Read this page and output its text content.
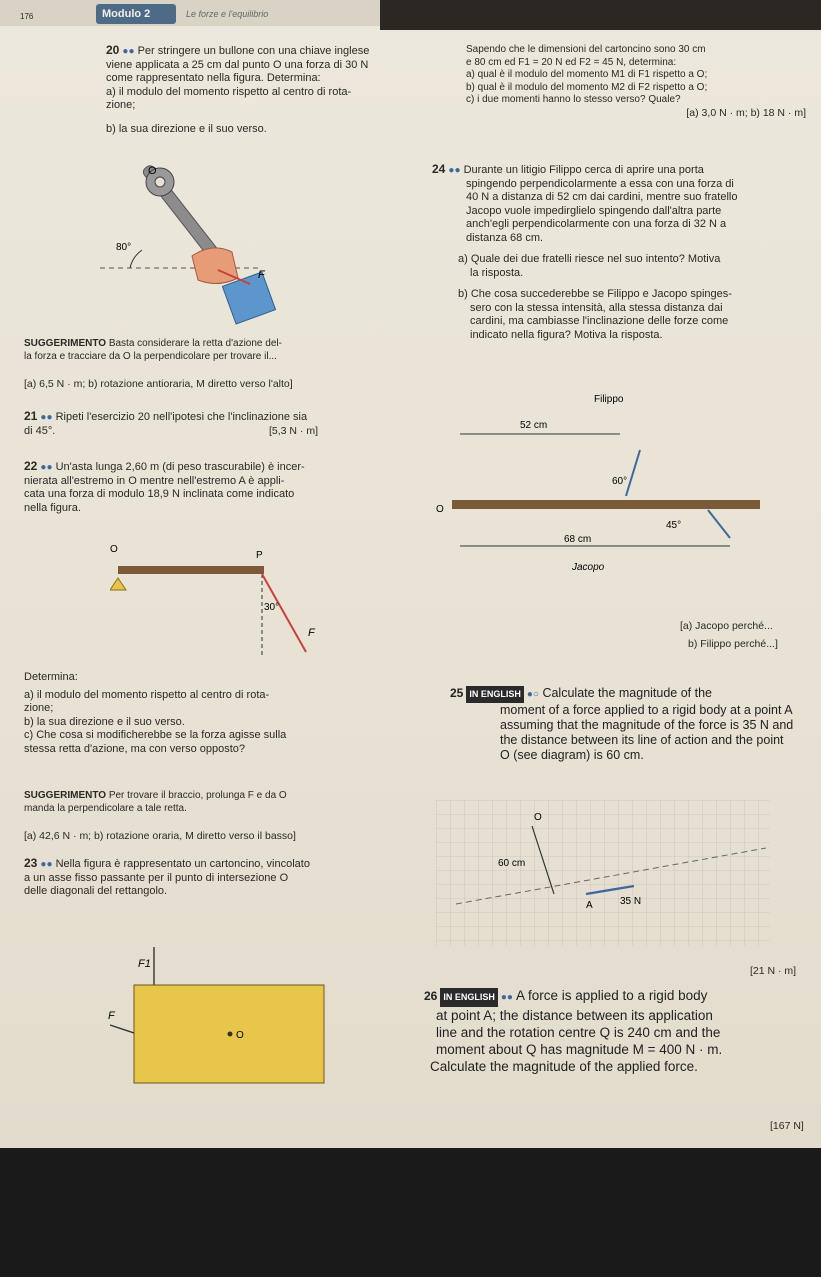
176	Modulo 2	Le forze e l'equilibrio
20 ●● Per stringere un bullone con una chiave inglese
viene applicata a 25 cm dal punto O una forza di 30 N
come rappresentato nella figura. Determina:
a) il modulo del momento rispetto al centro di rota-
zione;
b) la sua direzione e il suo verso.
O
80°
F
SUGGERIMENTO Basta considerare la retta d'azione del-
la forza e tracciare da O la perpendicolare per trovare il...
[a) 6,5 N · m; b) rotazione antioraria, M diretto verso l'alto]
21 ●● Ripeti l'esercizio 20 nell'ipotesi che l'inclinazione sia
di 45°.	[5,3 N · m]
22 ●● Un'asta lunga 2,60 m (di peso trascurabile) è incer-
nierata all'estremo in O mentre nell'estremo A è appli-
cata una forza di modulo 18,9 N inclinata come indicato
nella figura.
O
P
30°
F
Determina:
a) il modulo del momento rispetto al centro di rota-
zione;
b) la sua direzione e il suo verso.
c) Che cosa si modificherebbe se la forza agisse sulla
stessa retta d'azione, ma con verso opposto?
SUGGERIMENTO Per trovare il braccio, prolunga F e da O
manda la perpendicolare a tale retta.
[a) 42,6 N · m; b) rotazione oraria, M diretto verso il basso]
23 ●● Nella figura è rappresentato un cartoncino, vincolato
a un asse fisso passante per il punto di intersezione O
delle diagonali del rettangolo.
F1
O
F
Sapendo che le dimensioni del cartoncino sono 30 cm
e 80 cm ed F1 = 20 N ed F2 = 45 N, determina:
a) qual è il modulo del momento M1 di F1 rispetto a O;
b) qual è il modulo del momento M2 di F2 rispetto a O;
c) i due momenti hanno lo stesso verso? Quale?
[a) 3,0 N · m; b) 18 N · m]
24 ●● Durante un litigio Filippo cerca di aprire una porta
spingendo perpendicolarmente a essa con una forza di
40 N a distanza di 52 cm dai cardini, mentre suo fratello
Jacopo vuole impedirglielo spingendo dall'altra parte
anch'egli perpendicolarmente con una forza di 32 N a
distanza 68 cm.
a) Quale dei due fratelli riesce nel suo intento? Motiva
la risposta.
b) Che cosa succederebbe se Filippo e Jacopo spinges-
sero con la stessa intensità, alla stessa distanza dai
cardini, ma cambiasse l'inclinazione delle forze come
indicato nella figura? Motiva la risposta.
Filippo
52 cm
60°
O
45°
68 cm
Jacopo
[a) Jacopo perché...
b) Filippo perché...]
25 IN ENGLISH ●○ Calculate the magnitude of the
moment of a force applied to a rigid body at a point A
assuming that the magnitude of the force is 35 N and
the distance between its line of action and the point
O (see diagram) is 60 cm.
O
60 cm
A	35 N
[21 N · m]
26 IN ENGLISH ●● A force is applied to a rigid body
at point A; the distance between its application
line and the rotation centre Q is 240 cm and the
moment about Q has magnitude M = 400 N · m.
Calculate the magnitude of the applied force.
[167 N]
